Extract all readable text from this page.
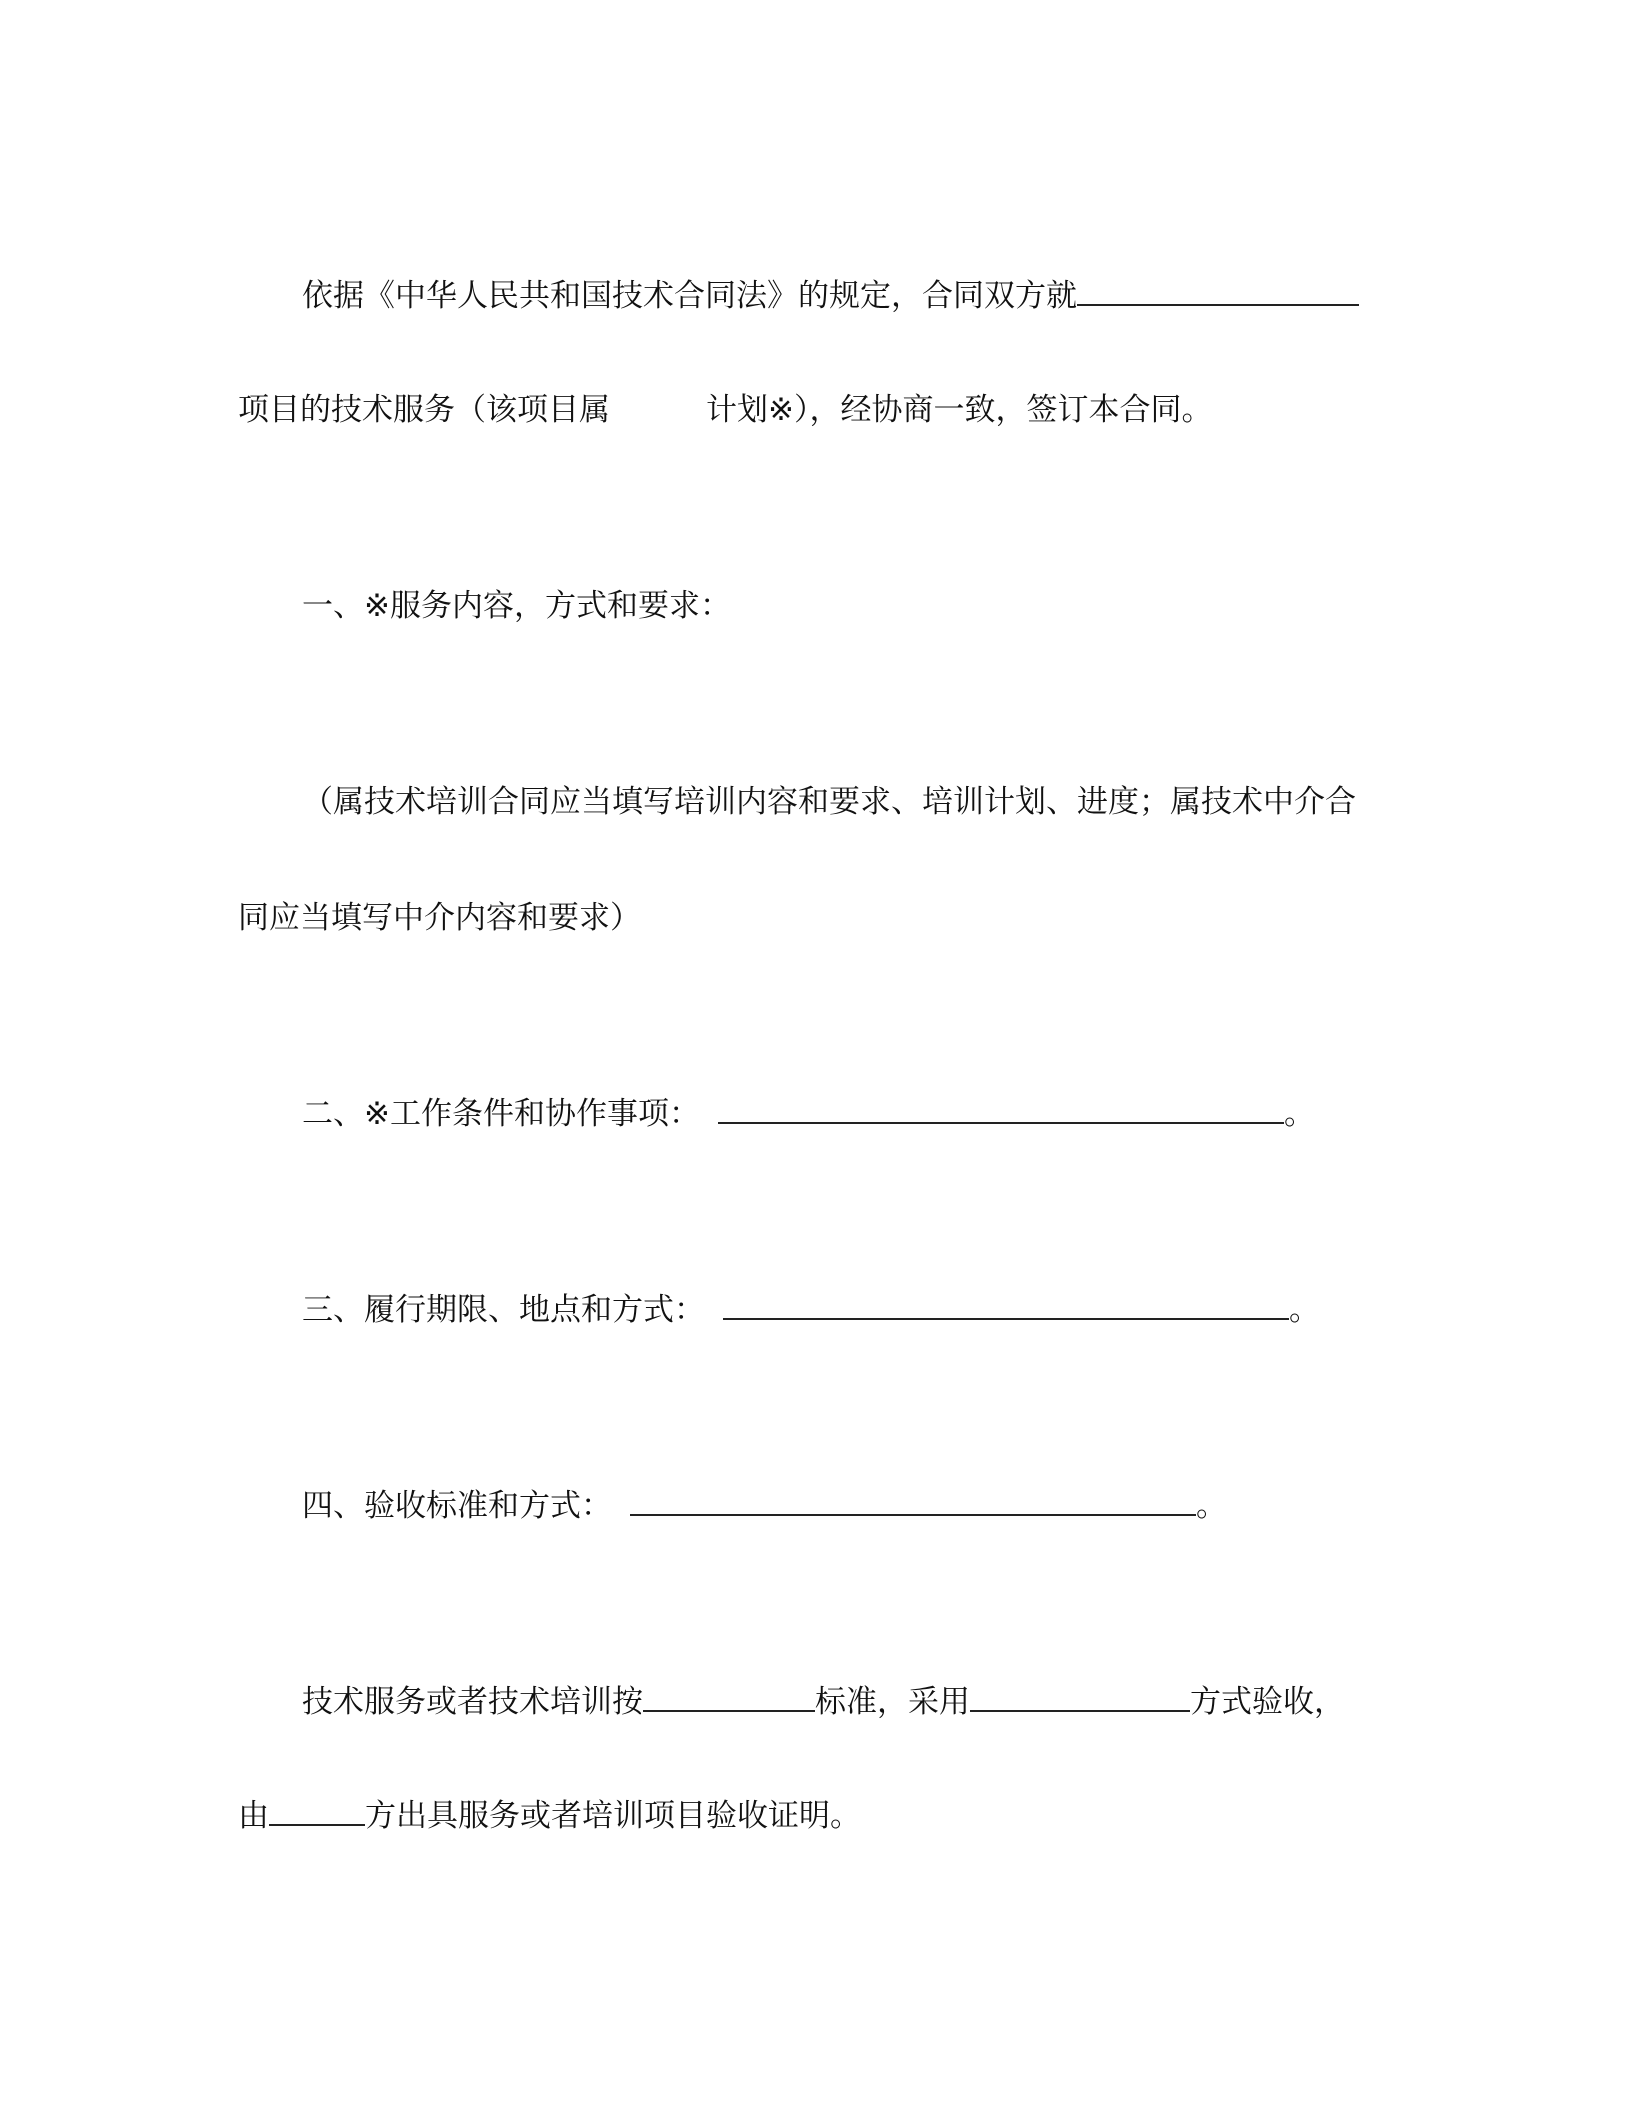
依据《中华人民共和国技术合同法》的规定，合同双方就
项目的技术服务（该项目属	计划※），经协商一致，签订本合同。
一、※服务内容，方式和要求：
（属技术培训合同应当填写培训内容和要求、培训计划、进度；属技术中介合
同应当填写中介内容和要求）
二、※工作条件和协作事项：	。
三、履行期限、地点和方式：	。
四、验收标准和方式：	。
技术服务或者技术培训按	标准，采用	方式验收，
由	方出具服务或者培训项目验收证明。
